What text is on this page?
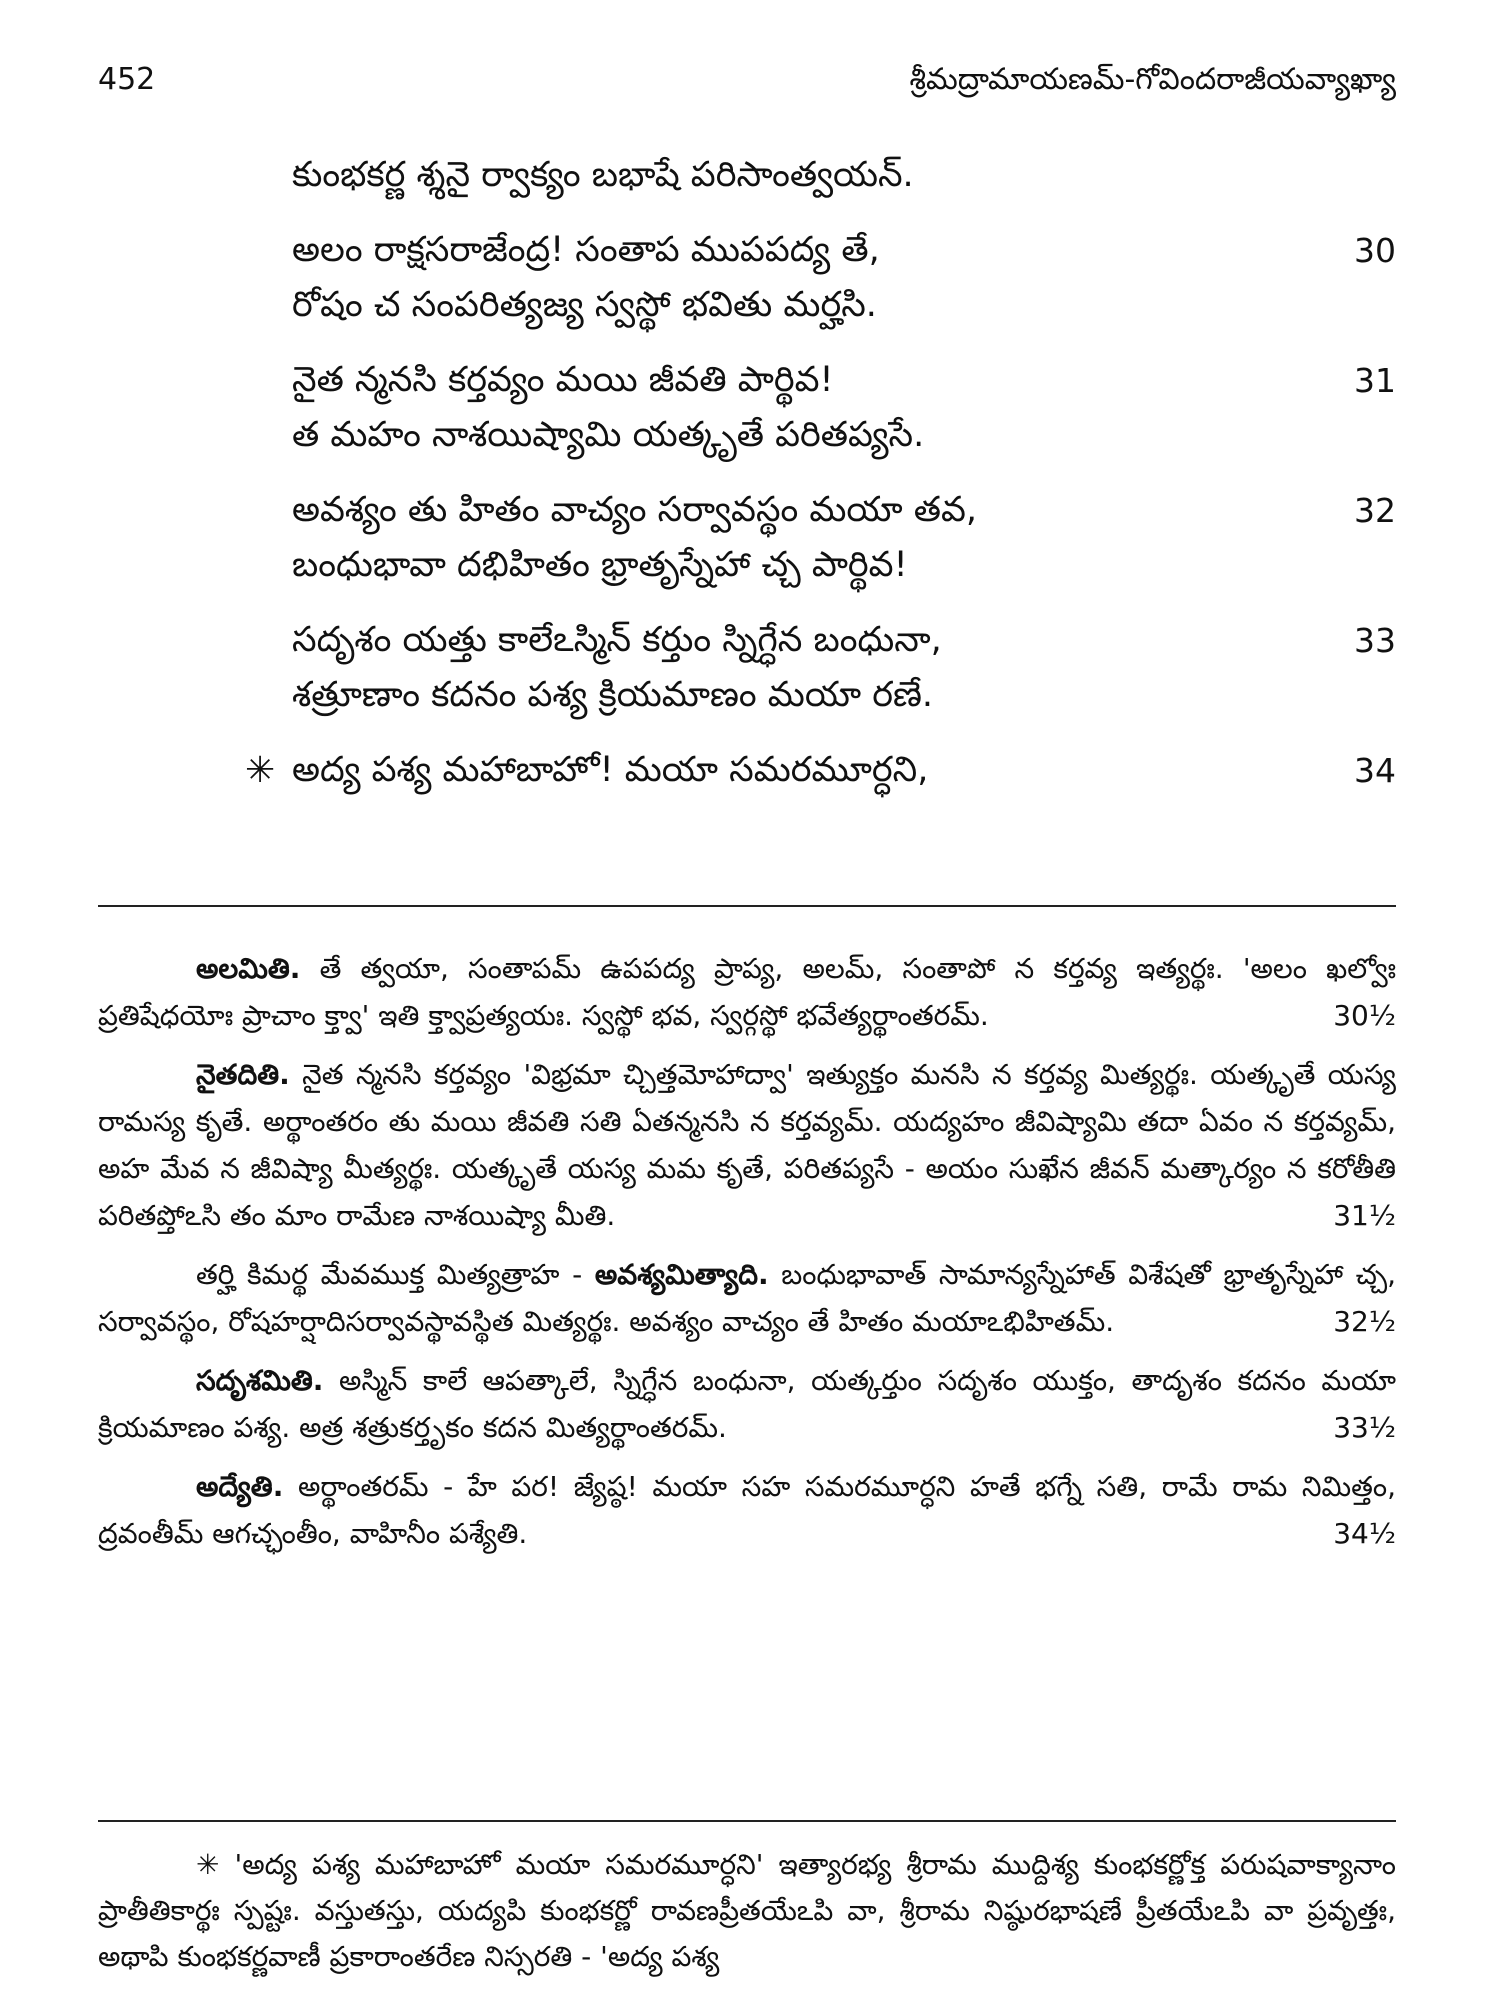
452	శ్రీమద్రామాయణమ్-గోవిందరాజీయవ్యాఖ్యా
కుంభకర్ణ శ్శనై ర్వాక్యం బభాషే పరిసాంత్వయన్.
అలం రాక్షసరాజేంద్ర! సంతాప ముపపద్య తే,	30
రోషం చ సంపరిత్యజ్య స్వస్థో భవితు మర్హసి.
నైత న్మనసి కర్తవ్యం మయి జీవతి పార్థివ!	31
త మహం నాశయిష్యామి యత్కృతే పరితప్యసే.
అవశ్యం తు హితం వాచ్యం సర్వావస్థం మయా తవ,	32
బంధుభావా దభిహితం భ్రాతృస్నేహా చ్చ పార్థివ!
సదృశం యత్తు కాలేఽస్మిన్ కర్తుం స్నిగ్ధేన బంధునా,	33
శత్రూణాం కదనం పశ్య క్రియమాణం మయా రణే.
✳ అద్య పశ్య మహాబాహో! మయా సమరమూర్ధని,	34

అలమితి. తే త్వయా, సంతాపమ్ ఉపపద్య ప్రాప్య, అలమ్, సంతాపో న కర్తవ్య ఇత్యర్థః. 'అలం ఖల్వోః ప్రతిషేధయోః ప్రాచాం క్త్వా' ఇతి క్త్వాప్రత్యయః. స్వస్థో భవ, స్వర్గస్థో భవేత్యర్థాంతరమ్.	30½

నైతదితి. నైత న్మనసి కర్తవ్యం 'విభ్రమా చ్చిత్తమోహాద్వా' ఇత్యుక్తం మనసి న కర్తవ్య మిత్యర్థః. యత్కృతే యస్య రామస్య కృతే. అర్థాంతరం తు మయి జీవతి సతి ఏతన్మనసి న కర్తవ్యమ్. యద్యహం జీవిష్యామి తదా ఏవం న కర్తవ్యమ్, అహ మేవ న జీవిష్యా మీత్యర్థః. యత్కృతే యస్య మమ కృతే, పరితప్యసే - అయం సుఖేన జీవన్ మత్కార్యం న కరోతీతి పరితప్తోఽసి తం మాం రామేణ నాశయిష్యా మీతి.	31½

తర్హి కిమర్థ మేవముక్త మిత్యత్రాహ - అవశ్యమిత్యాది. బంధుభావాత్ సామాన్యస్నేహాత్ విశేషతో భ్రాతృస్నేహా చ్చ, సర్వావస్థం, రోషహర్షాదిసర్వావస్థావస్థిత మిత్యర్థః. అవశ్యం వాచ్యం తే హితం మయాఽభిహితమ్.	32½

సదృశమితి. అస్మిన్ కాలే ఆపత్కాలే, స్నిగ్ధేన బంధునా, యత్కర్తుం సదృశం యుక్తం, తాదృశం కదనం మయా క్రియమాణం పశ్య. అత్ర శత్రుకర్తృకం కదన మిత్యర్థాంతరమ్.	33½

అద్యేతి. అర్థాంతరమ్ - హే పర! జ్యేష్ఠ! మయా సహ సమరమూర్ధని హతే భగ్నే సతి, రామే రామ నిమిత్తం, ద్రవంతీమ్ ఆగచ్ఛంతీం, వాహినీం పశ్యేతి.	34½

✳ 'అద్య పశ్య మహాబాహో మయా సమరమూర్ధని' ఇత్యారభ్య శ్రీరామ ముద్దిశ్య కుంభకర్ణోక్త పరుషవాక్యానాం ప్రాతీతికార్థః స్పష్టః. వస్తుతస్తు, యద్యపి కుంభకర్ణో రావణప్రీతయేఽపి వా, శ్రీరామ నిష్ఠురభాషణే ప్రీతయేఽపి వా ప్రవృత్తః, అథాపి కుంభకర్ణవాణీ ప్రకారాంతరేణ నిస్సరతి - 'అద్య పశ్య
